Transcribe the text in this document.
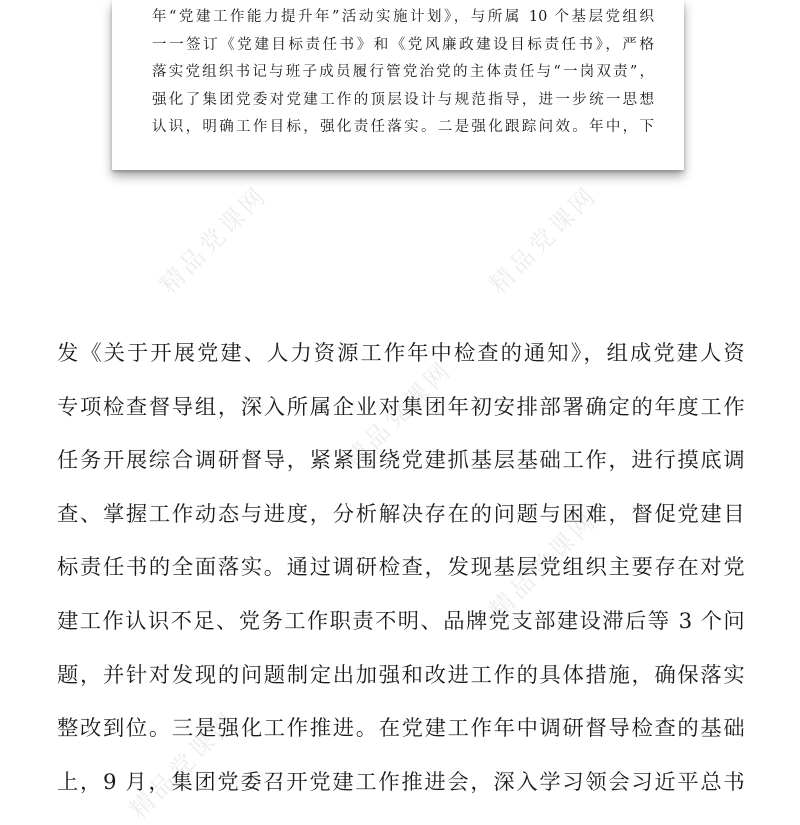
精品党课网	精品党课网
精品党课网
精品党课网
精品党课网
年“党建工作能力提升年”活动实施计划》，与所属 10 个基层党组织
一一签订《党建目标责任书》和《党风廉政建设目标责任书》，严格
落实党组织书记与班子成员履行管党治党的主体责任与“一岗双责”，
强化了集团党委对党建工作的顶层设计与规范指导，进一步统一思想
认识，明确工作目标，强化责任落实。二是强化跟踪问效。年中，下
发《关于开展党建、人力资源工作年中检查的通知》，组成党建人资
专项检查督导组，深入所属企业对集团年初安排部署确定的年度工作
任务开展综合调研督导，紧紧围绕党建抓基层基础工作，进行摸底调
查、掌握工作动态与进度，分析解决存在的问题与困难，督促党建目
标责任书的全面落实。通过调研检查，发现基层党组织主要存在对党
建工作认识不足、党务工作职责不明、品牌党支部建设滞后等 3 个问
题，并针对发现的问题制定出加强和改进工作的具体措施，确保落实
整改到位。三是强化工作推进。在党建工作年中调研督导检查的基础
上，9 月，集团党委召开党建工作推进会，深入学习领会习近平总书
